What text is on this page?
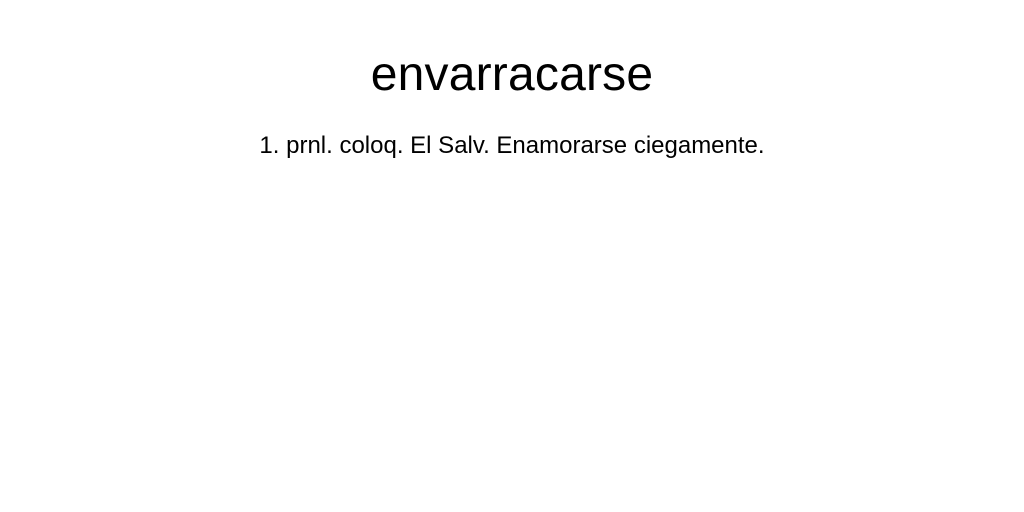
envarracarse

1. prnl. coloq. El Salv. Enamorarse ciegamente.
